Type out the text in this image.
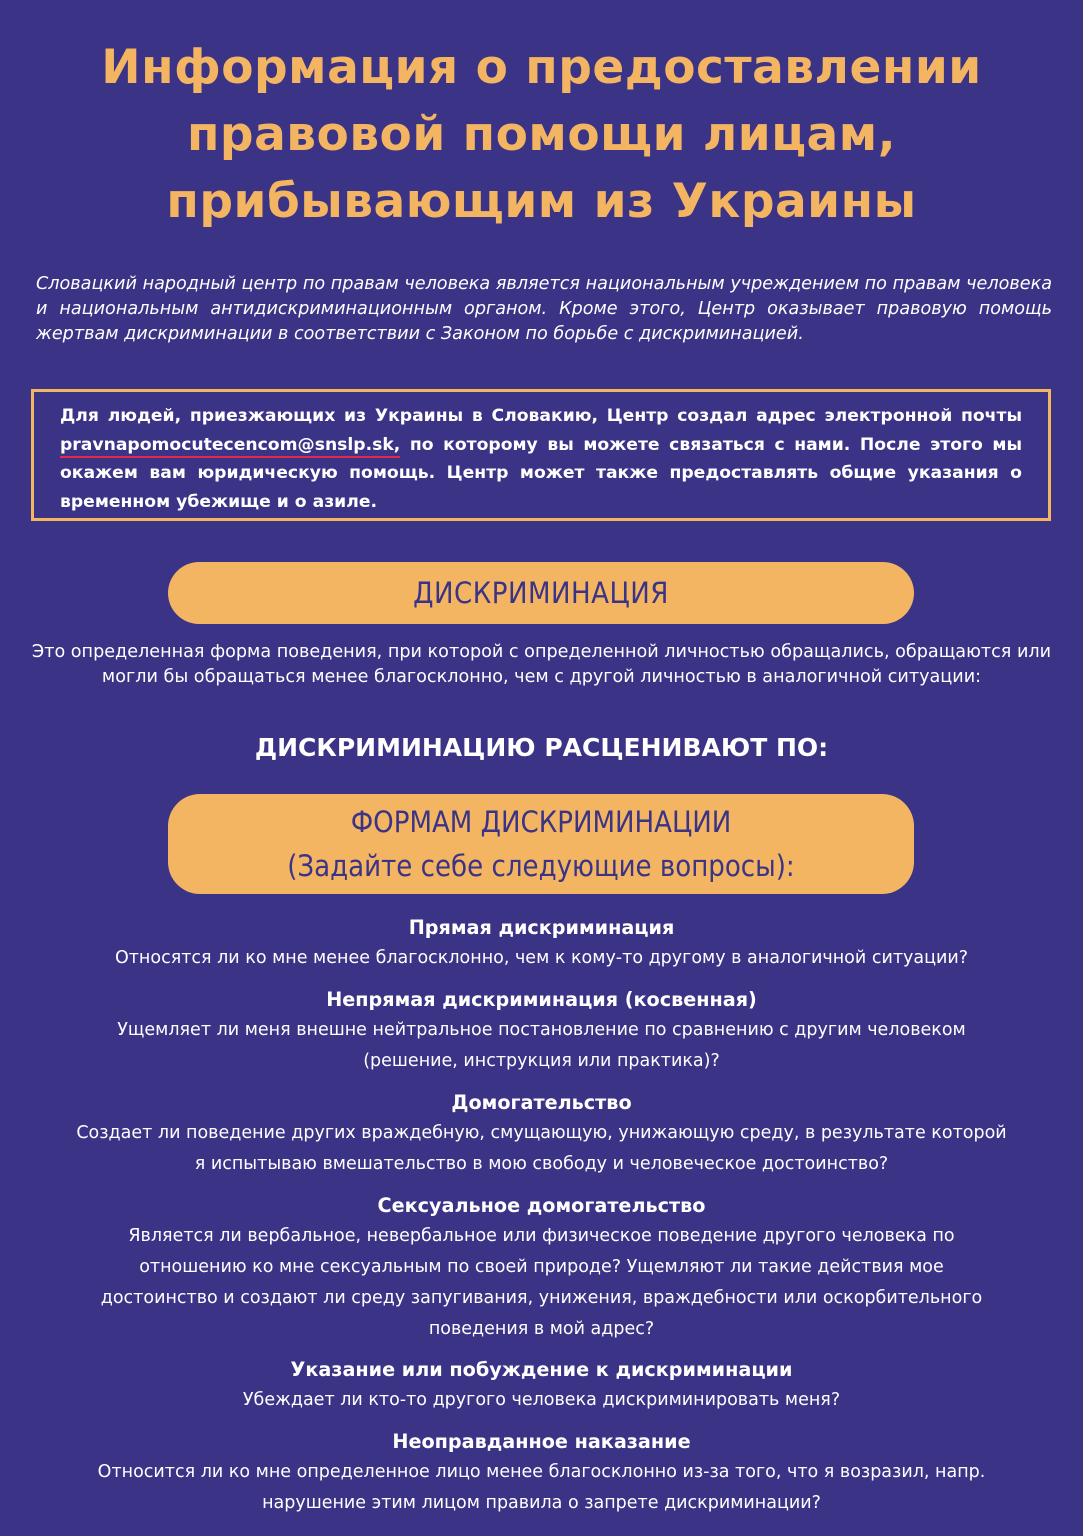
Информация о предоставлении
правовой помощи лицам,
прибывающим из Украины

Словацкий народный центр по правам человека является национальным учреждением по правам человека и национальным антидискриминационным органом. Кроме этого, Центр оказывает правовую помощь жертвам дискриминации в соответствии с Законом по борьбе с дискриминацией.

Для людей, приезжающих из Украины в Словакию, Центр создал адрес электронной почты pravnapomocutecencom@snslp.sk, по которому вы можете связаться с нами. После этого мы окажем вам юридическую помощь. Центр может также предоставлять общие указания о временном убежище и о азиле.

ДИСКРИМИНАЦИЯ

Это определенная форма поведения, при которой с определенной личностью обращались, обращаются или могли бы обращаться менее благосклонно, чем с другой личностью в аналогичной ситуации:

ДИСКРИМИНАЦИЮ РАСЦЕНИВАЮТ ПО:
ФОРМАМ ДИСКРИМИНАЦИИ
(Задайте себе следующие вопросы):

Прямая дискриминация

Относятся ли ко мне менее благосклонно, чем к кому-то другому в аналогичной ситуации?

Непрямая дискриминация (косвенная)

Ущемляет ли меня внешне нейтральное постановление по сравнению с другим человеком

(решение, инструкция или практика)?

Домогательство

Создает ли поведение других враждебную, смущающую, унижающую среду, в результате которой

я испытываю вмешательство в мою свободу и человеческое достоинство?

Сексуальное домогательство

Является ли вербальное, невербальное или физическое поведение другого человека по

отношению ко мне сексуальным по своей природе? Ущемляют ли такие действия мое

достоинство и создают ли среду запугивания, унижения, враждебности или оскорбительного

поведения в мой адрес?

Указание или побуждение к дискриминации

Убеждает ли кто-то другого человека дискриминировать меня?

Неоправданное наказание

Относится ли ко мне определенное лицо менее благосклонно из-за того, что я возразил, напр.

нарушение этим лицом правила о запрете дискриминации?
